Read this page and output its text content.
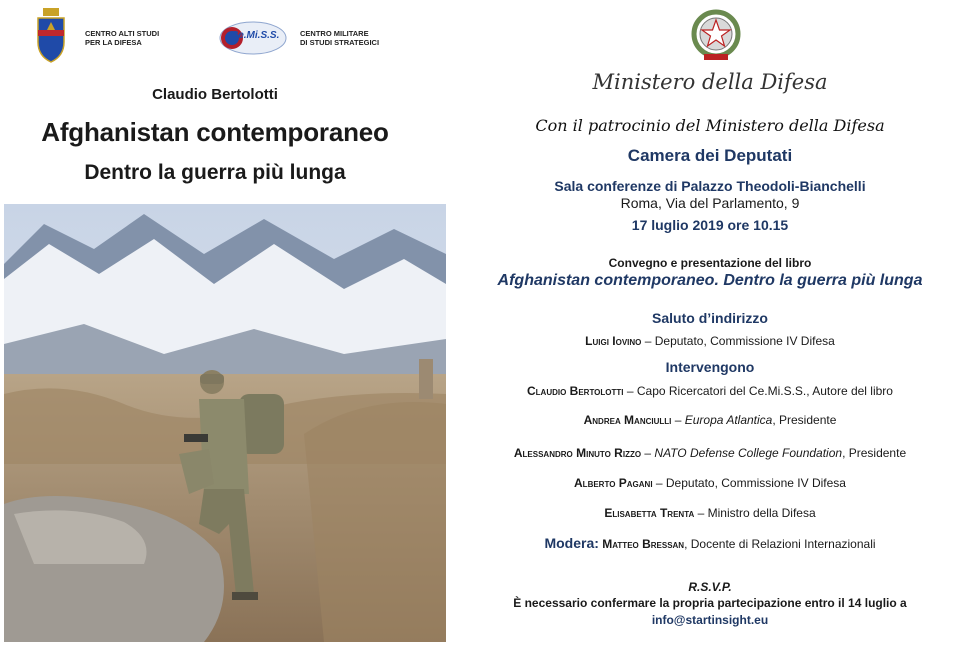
CENTRO ALTI STUDI
PER LA DIFESA
Ce.Mi.S.S.	CENTRO MILITARE
DI STUDI STRATEGICI
Claudio Bertolotti
Afghanistan contemporaneo
Dentro la guerra più lunga
Ministero della Difesa
Con il patrocinio del Ministero della Difesa
Camera dei Deputati
Sala conferenze di Palazzo Theodoli-Bianchelli
Roma, Via del Parlamento, 9
17 luglio 2019 ore 10.15
Convegno e presentazione del libro
Afghanistan contemporaneo. Dentro la guerra più lunga
Saluto d’indirizzo
Luigi Iovino – Deputato, Commissione IV Difesa
Intervengono
Claudio Bertolotti – Capo Ricercatori del Ce.Mi.S.S., Autore del libro
Andrea Manciulli – Europa Atlantica, Presidente
Alessandro Minuto Rizzo – NATO Defense College Foundation, Presidente
Alberto Pagani – Deputato, Commissione IV Difesa
Elisabetta Trenta – Ministro della Difesa
Modera: Matteo Bressan, Docente di Relazioni Internazionali
R.S.V.P.
È necessario confermare la propria partecipazione entro il 14 luglio a
info@startinsight.eu
